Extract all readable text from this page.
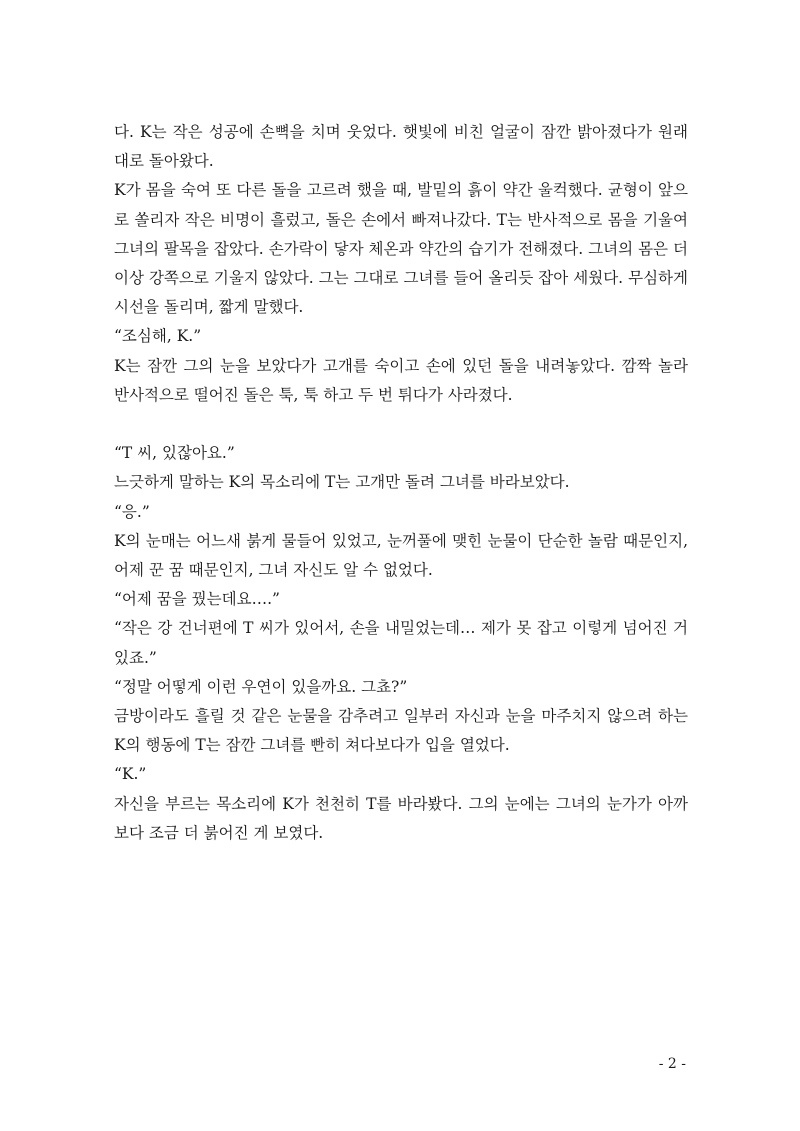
다. K는 작은 성공에 손뼉을 치며 웃었다. 햇빛에 비친 얼굴이 잠깐 밝아졌다가 원래대로 돌아왔다.

K가 몸을 숙여 또 다른 돌을 고르려 했을 때, 발밑의 흙이 약간 울컥했다. 균형이 앞으로 쏠리자 작은 비명이 흘렀고, 돌은 손에서 빠져나갔다. T는 반사적으로 몸을 기울여 그녀의 팔목을 잡았다. 손가락이 닿자 체온과 약간의 습기가 전해졌다. 그녀의 몸은 더 이상 강쪽으로 기울지 않았다. 그는 그대로 그녀를 들어 올리듯 잡아 세웠다. 무심하게 시선을 돌리며, 짧게 말했다.

“조심해, K.”

K는 잠깐 그의 눈을 보았다가 고개를 숙이고 손에 있던 돌을 내려놓았다. 깜짝 놀라 반사적으로 떨어진 돌은 툭, 툭 하고 두 번 튀다가 사라졌다.

“T 씨, 있잖아요.”

느긋하게 말하는 K의 목소리에 T는 고개만 돌려 그녀를 바라보았다.

“응.”

K의 눈매는 어느새 붉게 물들어 있었고, 눈꺼풀에 맺힌 눈물이 단순한 놀람 때문인지, 어제 꾼 꿈 때문인지, 그녀 자신도 알 수 없었다.

“어제 꿈을 꿨는데요….”

“작은 강 건너편에 T 씨가 있어서, 손을 내밀었는데… 제가 못 잡고 이렇게 넘어진 거 있죠.”

“정말 어떻게 이런 우연이 있을까요. 그쵸?”

금방이라도 흘릴 것 같은 눈물을 감추려고 일부러 자신과 눈을 마주치지 않으려 하는 K의 행동에 T는 잠깐 그녀를 빤히 쳐다보다가 입을 열었다.

“K.”

자신을 부르는 목소리에 K가 천천히 T를 바라봤다. 그의 눈에는 그녀의 눈가가 아까보다 조금 더 붉어진 게 보였다.

- 2 -
